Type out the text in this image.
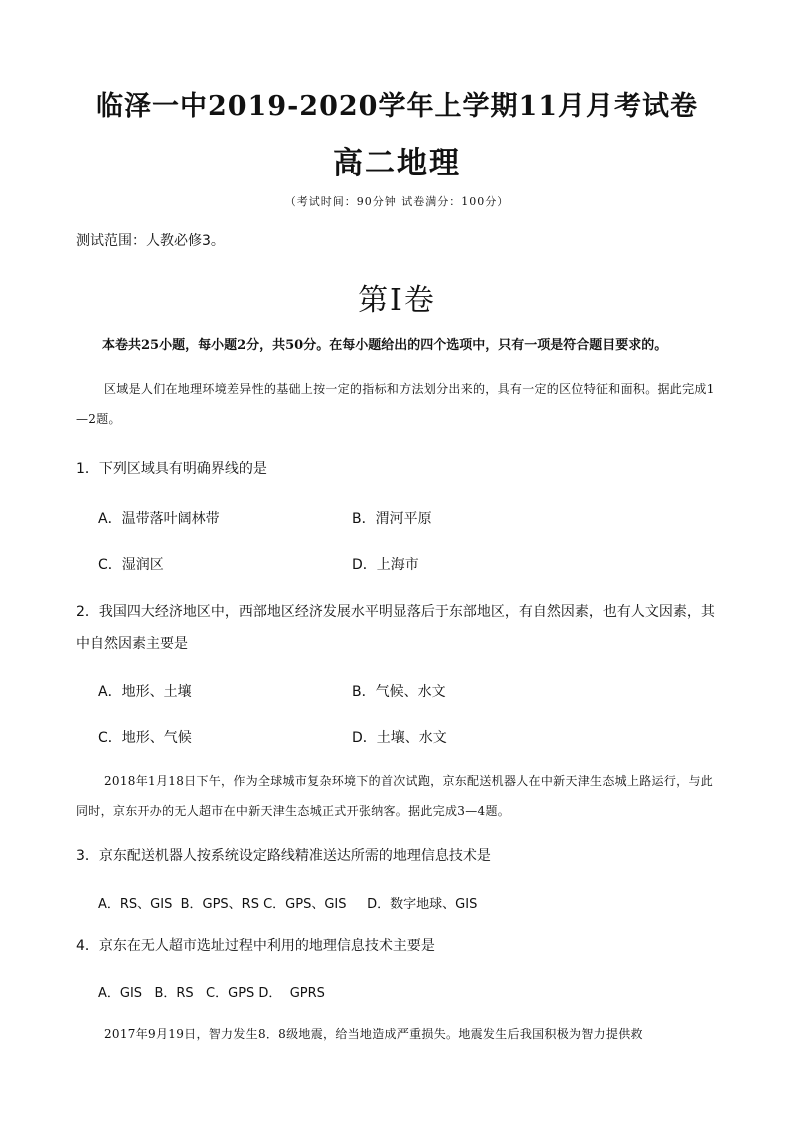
临泽一中2019-2020学年上学期11月月考试卷
高二地理
（考试时间：90分钟 试卷满分：100分）
测试范围：人教必修3。
第Ⅰ卷
本卷共25小题，每小题2分，共50分。在每小题给出的四个选项中，只有一项是符合题目要求的。
区域是人们在地理环境差异性的基础上按一定的指标和方法划分出来的，具有一定的区位特征和面积。据此完成1—2题。
1．下列区域具有明确界线的是
A．温带落叶阔林带	B．渭河平原
C．湿润区	D．上海市
2．我国四大经济地区中，西部地区经济发展水平明显落后于东部地区，有自然因素，也有人文因素，其中自然因素主要是
A．地形、土壤	B．气候、水文
C．地形、气候	D．土壤、水文
2018年1月18日下午，作为全球城市复杂环境下的首次试跑，京东配送机器人在中新天津生态城上路运行，与此同时，京东开办的无人超市在中新天津生态城正式开张纳客。据此完成3—4题。
3．京东配送机器人按系统设定路线精准送达所需的地理信息技术是
A．RS、GIS  B．GPS、RS C．GPS、GIS     D．数字地球、GIS
4．京东在无人超市选址过程中利用的地理信息技术主要是
A．GIS   B．RS   C．GPS D．  GPRS
2017年9月19日，智力发生8．8级地震，给当地造成严重损失。地震发生后我国积极为智力提供救
